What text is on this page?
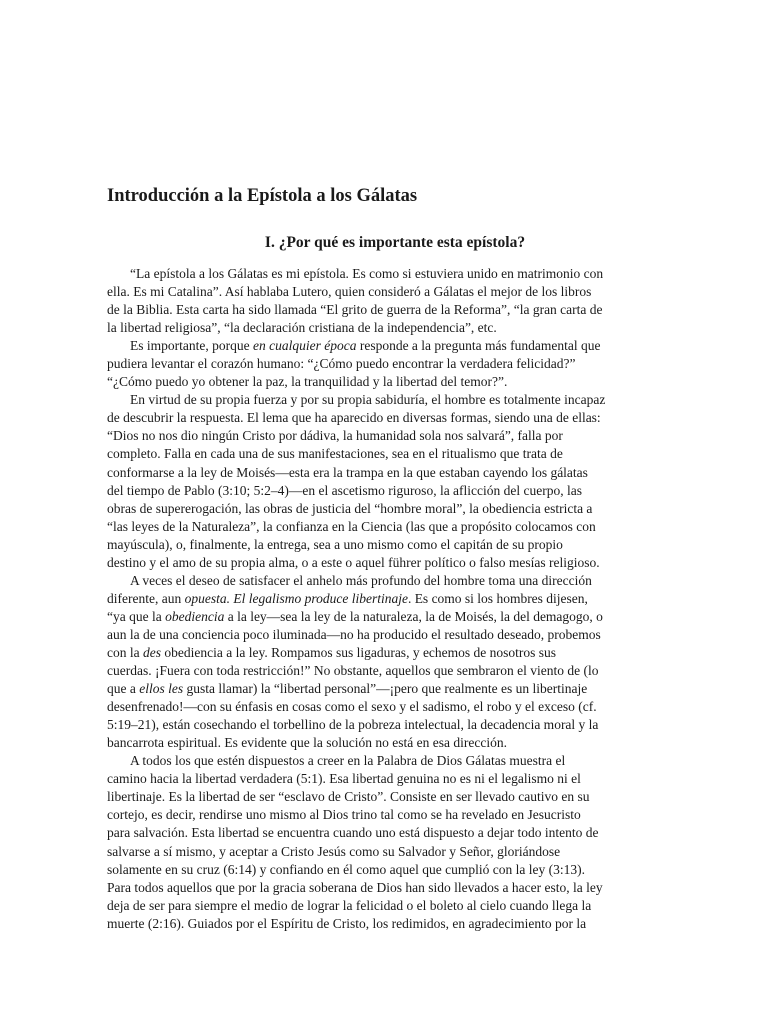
Introducción a la Epístola a los Gálatas
I. ¿Por qué es importante esta epístola?
“La epístola a los Gálatas es mi epístola. Es como si estuviera unido en matrimonio con
ella. Es mi Catalina”. Así hablaba Lutero, quien consideró a Gálatas el mejor de los libros
de la Biblia. Esta carta ha sido llamada “El grito de guerra de la Reforma”, “la gran carta de
la libertad religiosa”, “la declaración cristiana de la independencia”, etc.
Es importante, porque en cualquier época responde a la pregunta más fundamental que
pudiera levantar el corazón humano: “¿Cómo puedo encontrar la verdadera felicidad?”
“¿Cómo puedo yo obtener la paz, la tranquilidad y la libertad del temor?”.
En virtud de su propia fuerza y por su propia sabiduría, el hombre es totalmente incapaz
de descubrir la respuesta. El lema que ha aparecido en diversas formas, siendo una de ellas:
“Dios no nos dio ningún Cristo por dádiva, la humanidad sola nos salvará”, falla por
completo. Falla en cada una de sus manifestaciones, sea en el ritualismo que trata de
conformarse a la ley de Moisés—esta era la trampa en la que estaban cayendo los gálatas
del tiempo de Pablo (3:10; 5:2–4)—en el ascetismo riguroso, la aflicción del cuerpo, las
obras de supererogación, las obras de justicia del “hombre moral”, la obediencia estricta a
“las leyes de la Naturaleza”, la confianza en la Ciencia (las que a propósito colocamos con
mayúscula), o, finalmente, la entrega, sea a uno mismo como el capitán de su propio
destino y el amo de su propia alma, o a este o aquel führer político o falso mesías religioso.
A veces el deseo de satisfacer el anhelo más profundo del hombre toma una dirección
diferente, aun opuesta. El legalismo produce libertinaje. Es como si los hombres dijesen,
“ya que la obediencia a la ley—sea la ley de la naturaleza, la de Moisés, la del demagogo, o
aun la de una conciencia poco iluminada—no ha producido el resultado deseado, probemos
con la des obediencia a la ley. Rompamos sus ligaduras, y echemos de nosotros sus
cuerdas. ¡Fuera con toda restricción!” No obstante, aquellos que sembraron el viento de (lo
que a ellos les gusta llamar) la “libertad personal”—¡pero que realmente es un libertinaje
desenfrenado!—con su énfasis en cosas como el sexo y el sadismo, el robo y el exceso (cf.
5:19–21), están cosechando el torbellino de la pobreza intelectual, la decadencia moral y la
bancarrota espiritual. Es evidente que la solución no está en esa dirección.
A todos los que estén dispuestos a creer en la Palabra de Dios Gálatas muestra el
camino hacia la libertad verdadera (5:1). Esa libertad genuina no es ni el legalismo ni el
libertinaje. Es la libertad de ser “esclavo de Cristo”. Consiste en ser llevado cautivo en su
cortejo, es decir, rendirse uno mismo al Dios trino tal como se ha revelado en Jesucristo
para salvación. Esta libertad se encuentra cuando uno está dispuesto a dejar todo intento de
salvarse a sí mismo, y aceptar a Cristo Jesús como su Salvador y Señor, gloriándose
solamente en su cruz (6:14) y confiando en él como aquel que cumplió con la ley (3:13).
Para todos aquellos que por la gracia soberana de Dios han sido llevados a hacer esto, la ley
deja de ser para siempre el medio de lograr la felicidad o el boleto al cielo cuando llega la
muerte (2:16). Guiados por el Espíritu de Cristo, los redimidos, en agradecimiento por la
